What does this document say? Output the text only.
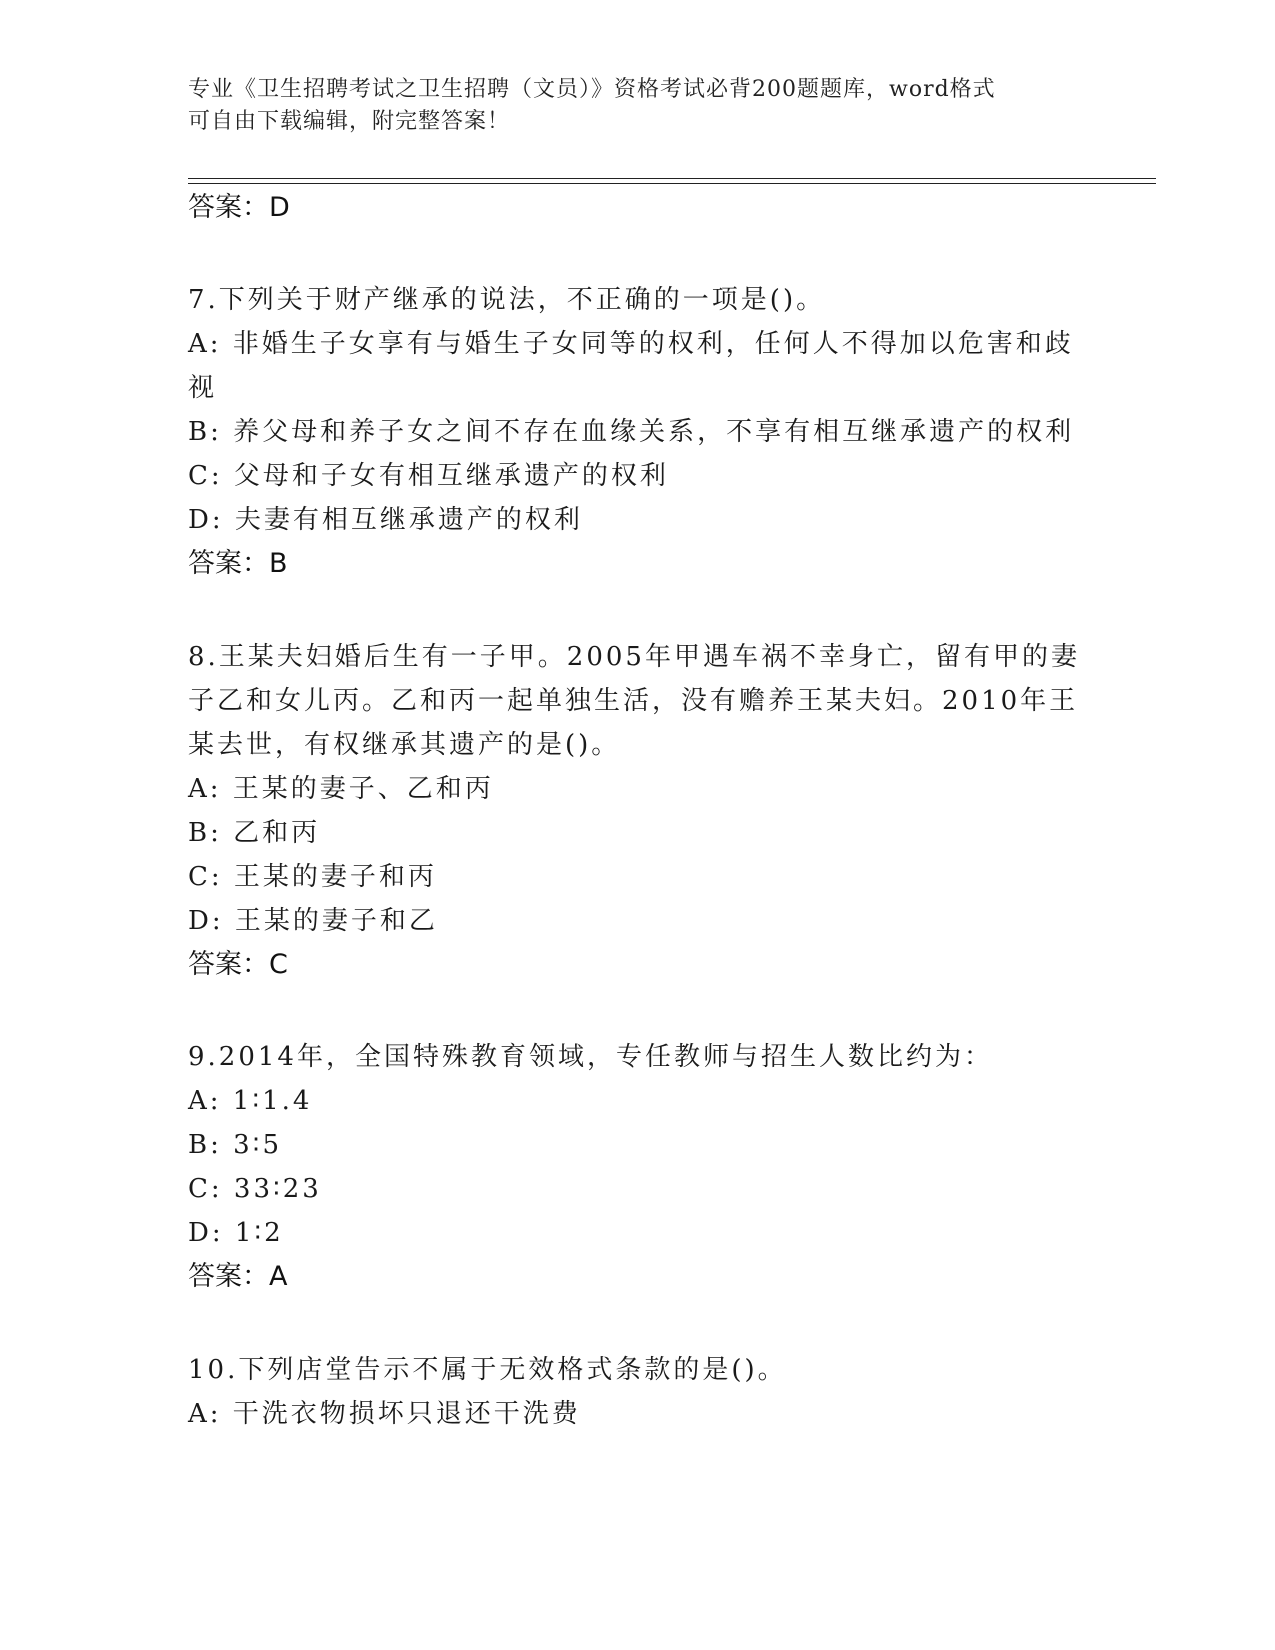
专业《卫生招聘考试之卫生招聘（文员）》资格考试必背200题题库，word格式
可自由下载编辑，附完整答案！
答案：D
7.下列关于财产继承的说法，不正确的一项是()。
A: 非婚生子女享有与婚生子女同等的权利，任何人不得加以危害和歧
视
B: 养父母和养子女之间不存在血缘关系，不享有相互继承遗产的权利
C: 父母和子女有相互继承遗产的权利
D: 夫妻有相互继承遗产的权利
答案：B
8.王某夫妇婚后生有一子甲。2005年甲遇车祸不幸身亡，留有甲的妻
子乙和女儿丙。乙和丙一起单独生活，没有赡养王某夫妇。2010年王
某去世，有权继承其遗产的是()。
A: 王某的妻子、乙和丙
B: 乙和丙
C: 王某的妻子和丙
D: 王某的妻子和乙
答案：C
9.2014年，全国特殊教育领域，专任教师与招生人数比约为：
A: 1∶1.4
B: 3∶5
C: 33∶23
D: 1∶2
答案：A
10.下列店堂告示不属于无效格式条款的是()。
A: 干洗衣物损坏只退还干洗费
